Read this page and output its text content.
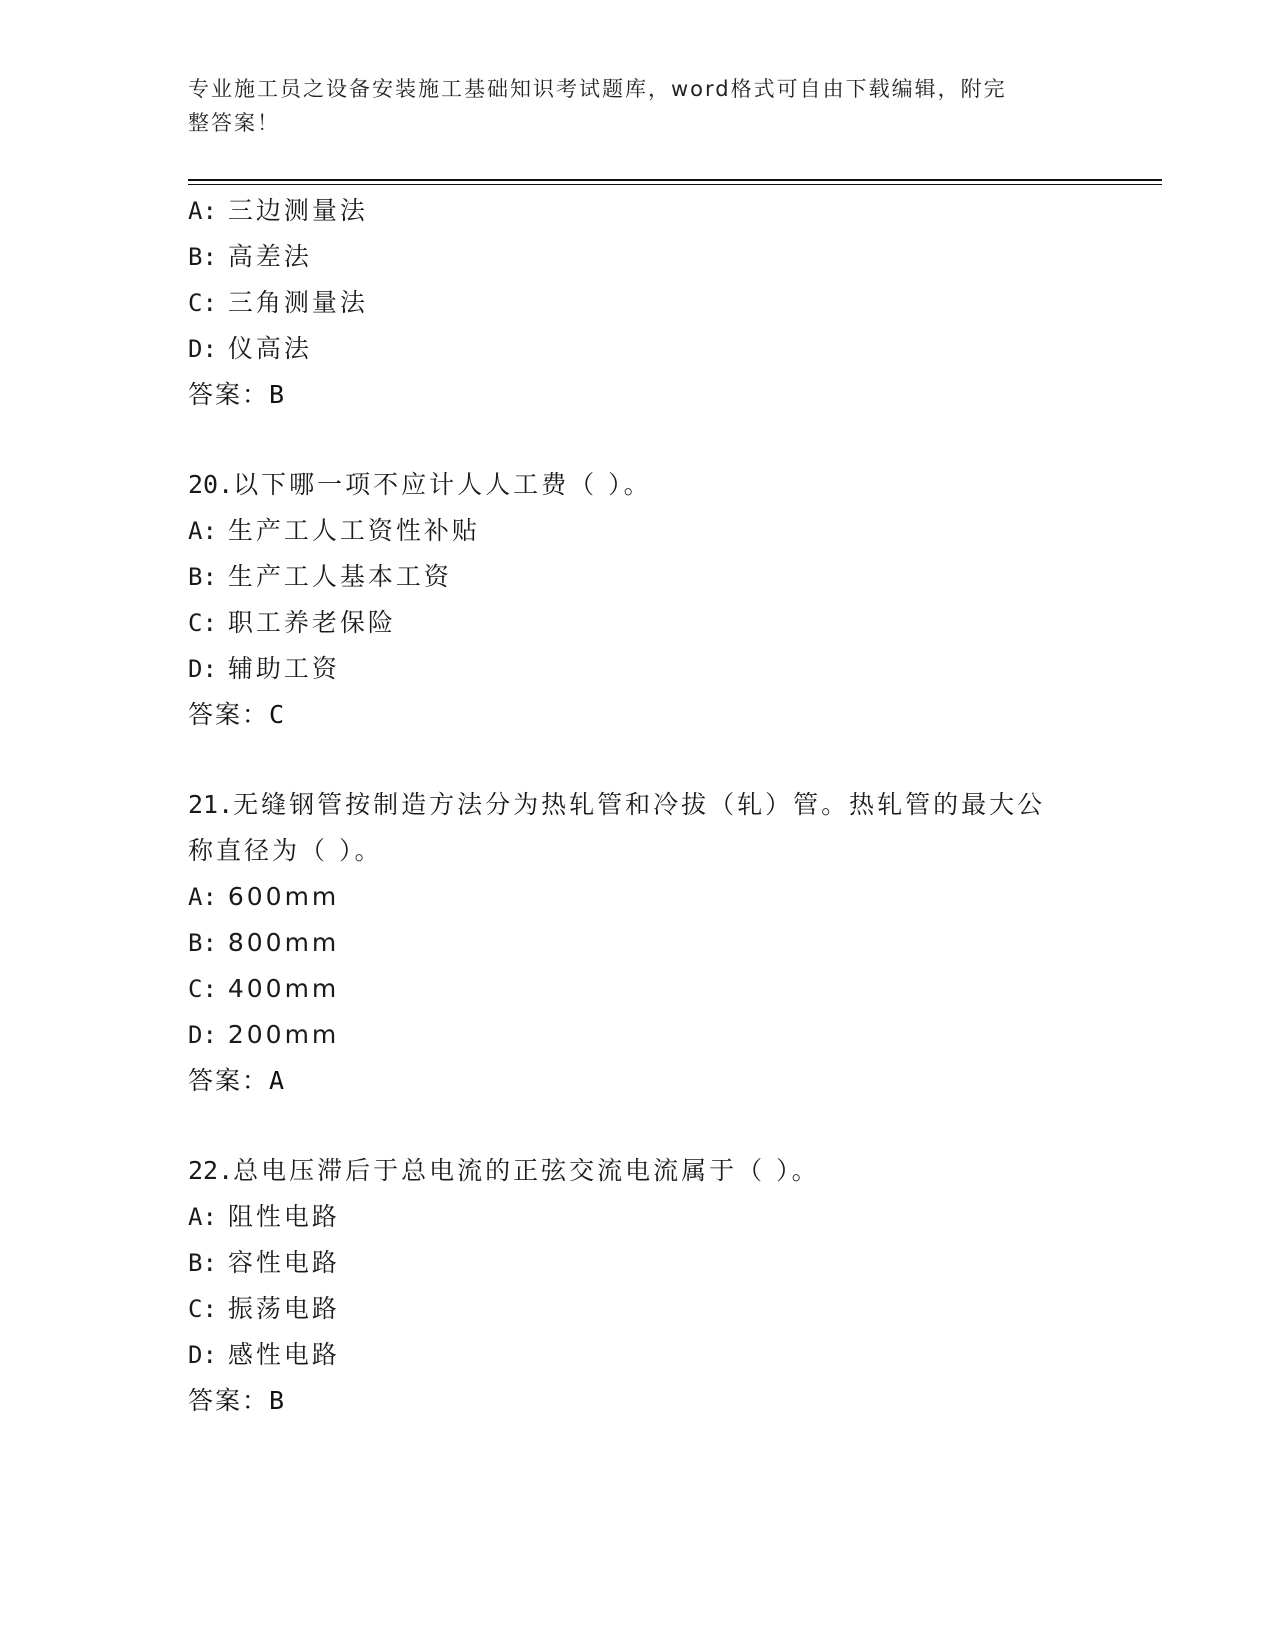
专业施工员之设备安装施工基础知识考试题库，word格式可自由下载编辑，附完
整答案！
A: 三边测量法
B: 高差法
C: 三角测量法
D: 仪高法
答案：B
20.以下哪一项不应计人人工费（ ）。
A: 生产工人工资性补贴
B: 生产工人基本工资
C: 职工养老保险
D: 辅助工资
答案：C
21.无缝钢管按制造方法分为热轧管和冷拔（轧）管。热轧管的最大公
称直径为（ ）。
A: 600mm
B: 800mm
C: 400mm
D: 200mm
答案：A
22.总电压滞后于总电流的正弦交流电流属于（ ）。
A: 阻性电路
B: 容性电路
C: 振荡电路
D: 感性电路
答案：B
